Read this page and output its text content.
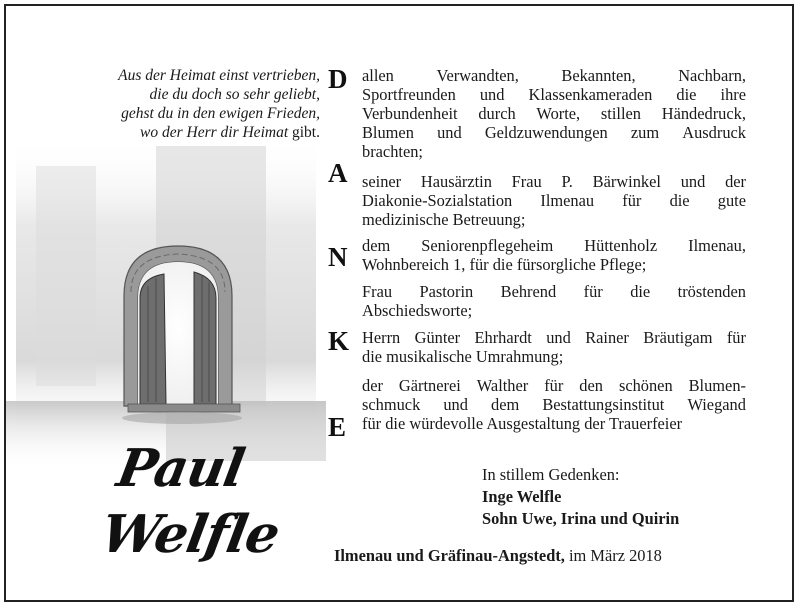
Aus der Heimat einst vertrieben,
die du doch so sehr geliebt,
gehst du in den ewigen Frieden,
wo der Herr dir Heimat gibt.
Paul
Welfle
D
A
N
K
E
allen	Verwandten,	Bekannten,	Nachbarn,
Sportfreunden und Klassenkameraden die ihre
Verbundenheit durch Worte, stillen Händedruck,
Blumen und Geldzuwendungen zum Ausdruck
brachten;
seiner Hausärztin Frau P. Bärwinkel und der
Diakonie-Sozialstation Ilmenau für die gute
medizinische Betreuung;
dem Seniorenpflegeheim Hüttenholz Ilmenau,
Wohnbereich 1, für die fürsorgliche Pflege;
Frau Pastorin Behrend für die tröstenden
Abschiedsworte;
Herrn Günter Ehrhardt und Rainer Bräutigam für
die musikalische Umrahmung;
der Gärtnerei Walther für den schönen Blumen-
schmuck und dem Bestattungsinstitut Wiegand
für die würdevolle Ausgestaltung der Trauerfeier
In stillem Gedenken:
Inge Welfle
Sohn Uwe, Irina und Quirin
Ilmenau und Gräfinau-Angstedt, im März 2018
